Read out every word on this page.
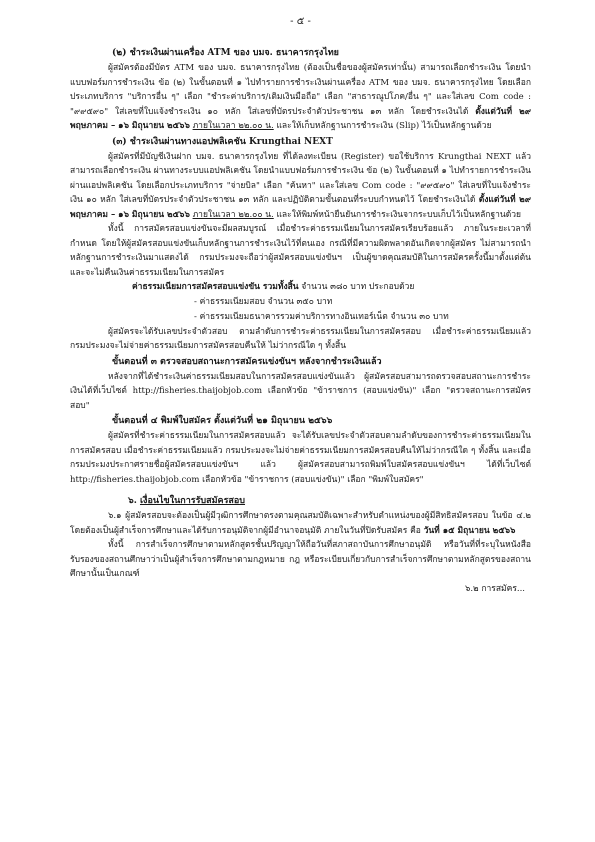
- ๕ -

(๒) ชำระเงินผ่านเครื่อง ATM ของ บมจ. ธนาคารกรุงไทย

ผู้สมัครต้องมีบัตร ATM ของ บมจ. ธนาคารกรุงไทย (ต้องเป็นชื่อของผู้สมัครเท่านั้น) สามารถเลือกชำระเงิน โดยนำแบบฟอร์มการชำระเงิน ข้อ (๒) ในขั้นตอนที่ ๑ ไปทำรายการชำระเงินผ่านเครื่อง ATM ของ บมจ. ธนาคารกรุงไทย โดยเลือกประเภทบริการ "บริการอื่น ๆ" เลือก "ชำระค่าบริการ/เติมเงินมือถือ" เลือก "สาธารณูปโภค/อื่น ๆ" และใส่เลข Com code : "๙๙๕๙๐" ใส่เลขที่ใบแจ้งชำระเงิน ๑๐ หลัก ใส่เลขที่บัตรประจำตัวประชาชน ๑๓ หลัก โดยชำระเงินได้ ตั้งแต่วันที่ ๒๙ พฤษภาคม – ๑๖ มิถุนายน ๒๕๖๖ ภายในเวลา ๒๒.๐๐ น. และให้เก็บหลักฐานการชำระเงิน (Slip) ไว้เป็นหลักฐานด้วย

(๓) ชำระเงินผ่านทางแอปพลิเคชัน Krungthai NEXT

ผู้สมัครที่มีบัญชีเงินฝาก บมจ. ธนาคารกรุงไทย ที่ได้ลงทะเบียน (Register) ขอใช้บริการ Krungthai NEXT แล้ว สามารถเลือกชำระเงิน ผ่านทางระบบแอปพลิเคชัน โดยนำแบบฟอร์มการชำระเงิน ข้อ (๒) ในขั้นตอนที่ ๑ ไปทำรายการชำระเงินผ่านแอปพลิเคชัน โดยเลือกประเภทบริการ "จ่ายบิล" เลือก "ค้นหา" และใส่เลข Com code : "๙๙๕๙๐" ใส่เลขที่ใบแจ้งชำระเงิน ๑๐ หลัก ใส่เลขที่บัตรประจำตัวประชาชน ๑๓ หลัก และปฏิบัติตามขั้นตอนที่ระบบกำหนดไว้ โดยชำระเงินได้ ตั้งแต่วันที่ ๒๙ พฤษภาคม – ๑๖ มิถุนายน ๒๕๖๖ ภายในเวลา ๒๒.๐๐ น. และให้พิมพ์หน้ายืนยันการชำระเงินจากระบบเก็บไว้เป็นหลักฐานด้วย

ทั้งนี้ การสมัครสอบแข่งขันจะมีผลสมบูรณ์ เมื่อชำระค่าธรรมเนียมในการสมัครเรียบร้อยแล้ว ภายในระยะเวลาที่กำหนด โดยให้ผู้สมัครสอบแข่งขันเก็บหลักฐานการชำระเงินไว้ที่ตนเอง กรณีที่มีความผิดพลาดอันเกิดจากผู้สมัคร ไม่สามารถนำหลักฐานการชำระเงินมาแสดงได้ กรมประมงจะถือว่าผู้สมัครสอบแข่งขันฯ เป็นผู้ขาดคุณสมบัติในการสมัครครั้งนี้มาตั้งแต่ต้น และจะไม่คืนเงินค่าธรรมเนียมในการสมัคร

ค่าธรรมเนียมการสมัครสอบแข่งขัน รวมทั้งสิ้น จำนวน ๓๘๐ บาท ประกอบด้วย

- ค่าธรรมเนียมสอบ จำนวน ๓๕๐ บาท

- ค่าธรรมเนียมธนาคารรวมค่าบริการทางอินเทอร์เน็ต จำนวน ๓๐ บาท

ผู้สมัครจะได้รับเลขประจำตัวสอบ ตามลำดับการชำระค่าธรรมเนียมในการสมัครสอบ เมื่อชำระค่าธรรมเนียมแล้ว กรมประมงจะไม่จ่ายค่าธรรมเนียมการสมัครสอบคืนให้ ไม่ว่ากรณีใด ๆ ทั้งสิ้น

ขั้นตอนที่ ๓ ตรวจสอบสถานะการสมัครแข่งขันฯ หลังจากชำระเงินแล้ว

หลังจากที่ได้ชำระเงินค่าธรรมเนียมสอบในการสมัครสอบแข่งขันแล้ว ผู้สมัครสอบสามารถตรวจสอบสถานะการชำระเงินได้ที่เว็บไซต์ http://fisheries.thaijobjob.com เลือกหัวข้อ "ข้าราชการ (สอบแข่งขัน)" เลือก "ตรวจสถานะการสมัครสอบ"

ขั้นตอนที่ ๔ พิมพ์ใบสมัคร ตั้งแต่วันที่ ๒๑ มิถุนายน ๒๕๖๖

ผู้สมัครที่ชำระค่าธรรมเนียมในการสมัครสอบแล้ว จะได้รับเลขประจำตัวสอบตามลำดับของการชำระค่าธรรมเนียมในการสมัครสอบ เมื่อชำระค่าธรรมเนียมแล้ว กรมประมงจะไม่จ่ายค่าธรรมเนียมการสมัครสอบคืนให้ไม่ว่ากรณีใด ๆ ทั้งสิ้น และเมื่อกรมประมงประกาศรายชื่อผู้สมัครสอบแข่งขันฯ แล้ว ผู้สมัครสอบสามารถพิมพ์ใบสมัครสอบแข่งขันฯ ได้ที่เว็บไซต์ http://fisheries.thaijobjob.com เลือกหัวข้อ "ข้าราชการ (สอบแข่งขัน)" เลือก "พิมพ์ใบสมัคร"

๖. เงื่อนไขในการรับสมัครสอบ

๖.๑ ผู้สมัครสอบจะต้องเป็นผู้มีวุฒิการศึกษาตรงตามคุณสมบัติเฉพาะสำหรับตำแหน่งของผู้มีสิทธิสมัครสอบ ในข้อ ๔.๒ โดยต้องเป็นผู้สำเร็จการศึกษาและได้รับการอนุมัติจากผู้มีอำนาจอนุมัติ ภายในวันที่ปิดรับสมัคร คือ วันที่ ๑๕ มิถุนายน ๒๕๖๖

ทั้งนี้ การสำเร็จการศึกษาตามหลักสูตรชั้นปริญญาให้ถือวันที่สภาสถาบันการศึกษาอนุมัติ หรือวันที่ที่ระบุในหนังสือรับรองของสถานศึกษาว่าเป็นผู้สำเร็จการศึกษาตามกฎหมาย กฎ หรือระเบียบเกี่ยวกับการสำเร็จการศึกษาตามหลักสูตรของสถานศึกษานั้นเป็นเกณฑ์

๖.๒ การสมัคร...
